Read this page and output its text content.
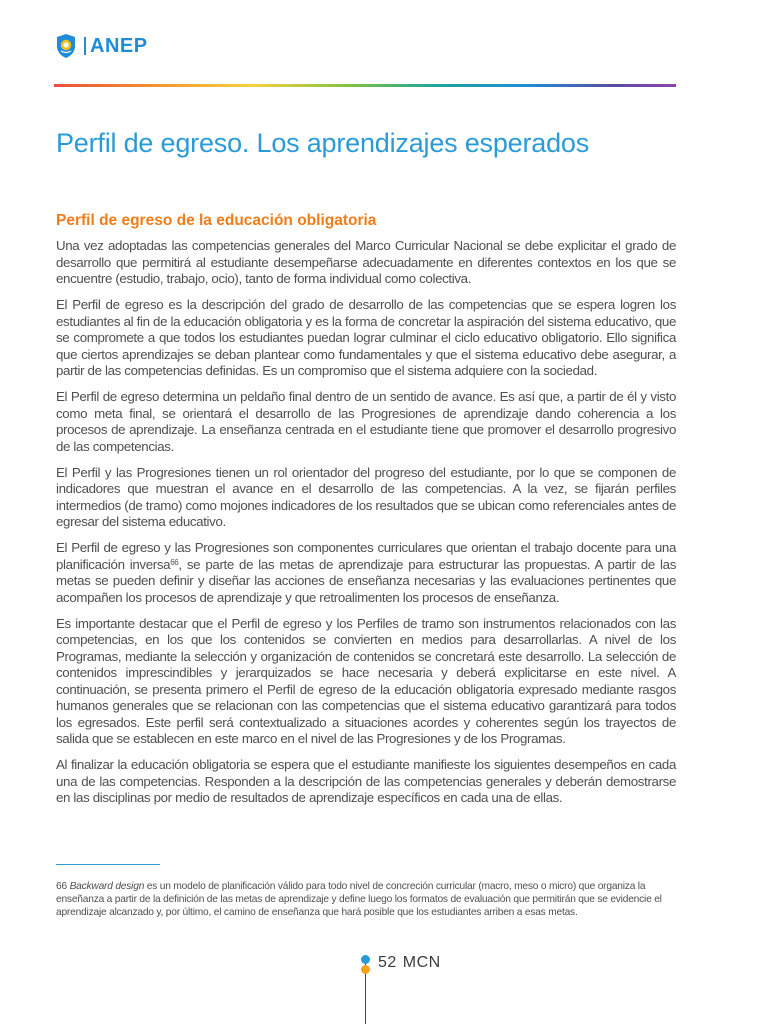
ANEP
Perfil de egreso. Los aprendizajes esperados
Perfil de egreso de la educación obligatoria

Una vez adoptadas las competencias generales del Marco Curricular Nacional se debe explicitar el grado de desarrollo que permitirá al estudiante desempeñarse adecuadamente en diferentes contextos en los que se encuentre (estudio, trabajo, ocio), tanto de forma individual como colectiva.

El Perfil de egreso es la descripción del grado de desarrollo de las competencias que se espera logren los estudiantes al fin de la educación obligatoria y es la forma de concretar la aspiración del sistema educativo, que se compromete a que todos los estudiantes puedan lograr culminar el ciclo educativo obligatorio. Ello significa que ciertos aprendizajes se deban plantear como fundamentales y que el sistema educativo debe asegurar, a partir de las competencias definidas. Es un compromiso que el sistema adquiere con la sociedad.

El Perfil de egreso determina un peldaño final dentro de un sentido de avance. Es así que, a partir de él y visto como meta final, se orientará el desarrollo de las Progresiones de aprendizaje dando coherencia a los procesos de aprendizaje. La enseñanza centrada en el estudiante tiene que promover el desarrollo progresivo de las competencias.

El Perfil y las Progresiones tienen un rol orientador del progreso del estudiante, por lo que se componen de indicadores que muestran el avance en el desarrollo de las competencias. A la vez, se fijarán perfiles intermedios (de tramo) como mojones indicadores de los resultados que se ubican como referenciales antes de egresar del sistema educativo.

El Perfil de egreso y las Progresiones son componentes curriculares que orientan el trabajo docente para una planificación inversa$^{66}$, se parte de las metas de aprendizaje para estructurar las propuestas. A partir de las metas se pueden definir y diseñar las acciones de enseñanza necesarias y las evaluaciones pertinentes que acompañen los procesos de aprendizaje y que retroalimenten los procesos de enseñanza.

Es importante destacar que el Perfil de egreso y los Perfiles de tramo son instrumentos relacionados con las competencias, en los que los contenidos se convierten en medios para desarrollarlas. A nivel de los Programas, mediante la selección y organización de contenidos se concretará este desarrollo. La selección de contenidos imprescindibles y jerarquizados se hace necesaria y deberá explicitarse en este nivel. A continuación, se presenta primero el Perfil de egreso de la educación obligatoria expresado mediante rasgos humanos generales que se relacionan con las competencias que el sistema educativo garantizará para todos los egresados. Este perfil será contextualizado a situaciones acordes y coherentes según los trayectos de salida que se establecen en este marco en el nivel de las Progresiones y de los Programas.

Al finalizar la educación obligatoria se espera que el estudiante manifieste los siguientes desempeños en cada una de las competencias. Responden a la descripción de las competencias generales y deberán demostrarse en las disciplinas por medio de resultados de aprendizaje específicos en cada una de ellas.

66 Backward design es un modelo de planificación válido para todo nivel de concreción curricular (macro, meso o micro) que organiza la enseñanza a partir de la definición de las metas de aprendizaje y define luego los formatos de evaluación que permitirán que se evidencie el aprendizaje alcanzado y, por último, el camino de enseñanza que hará posible que los estudiantes arriben a esas metas.
52 MCN
